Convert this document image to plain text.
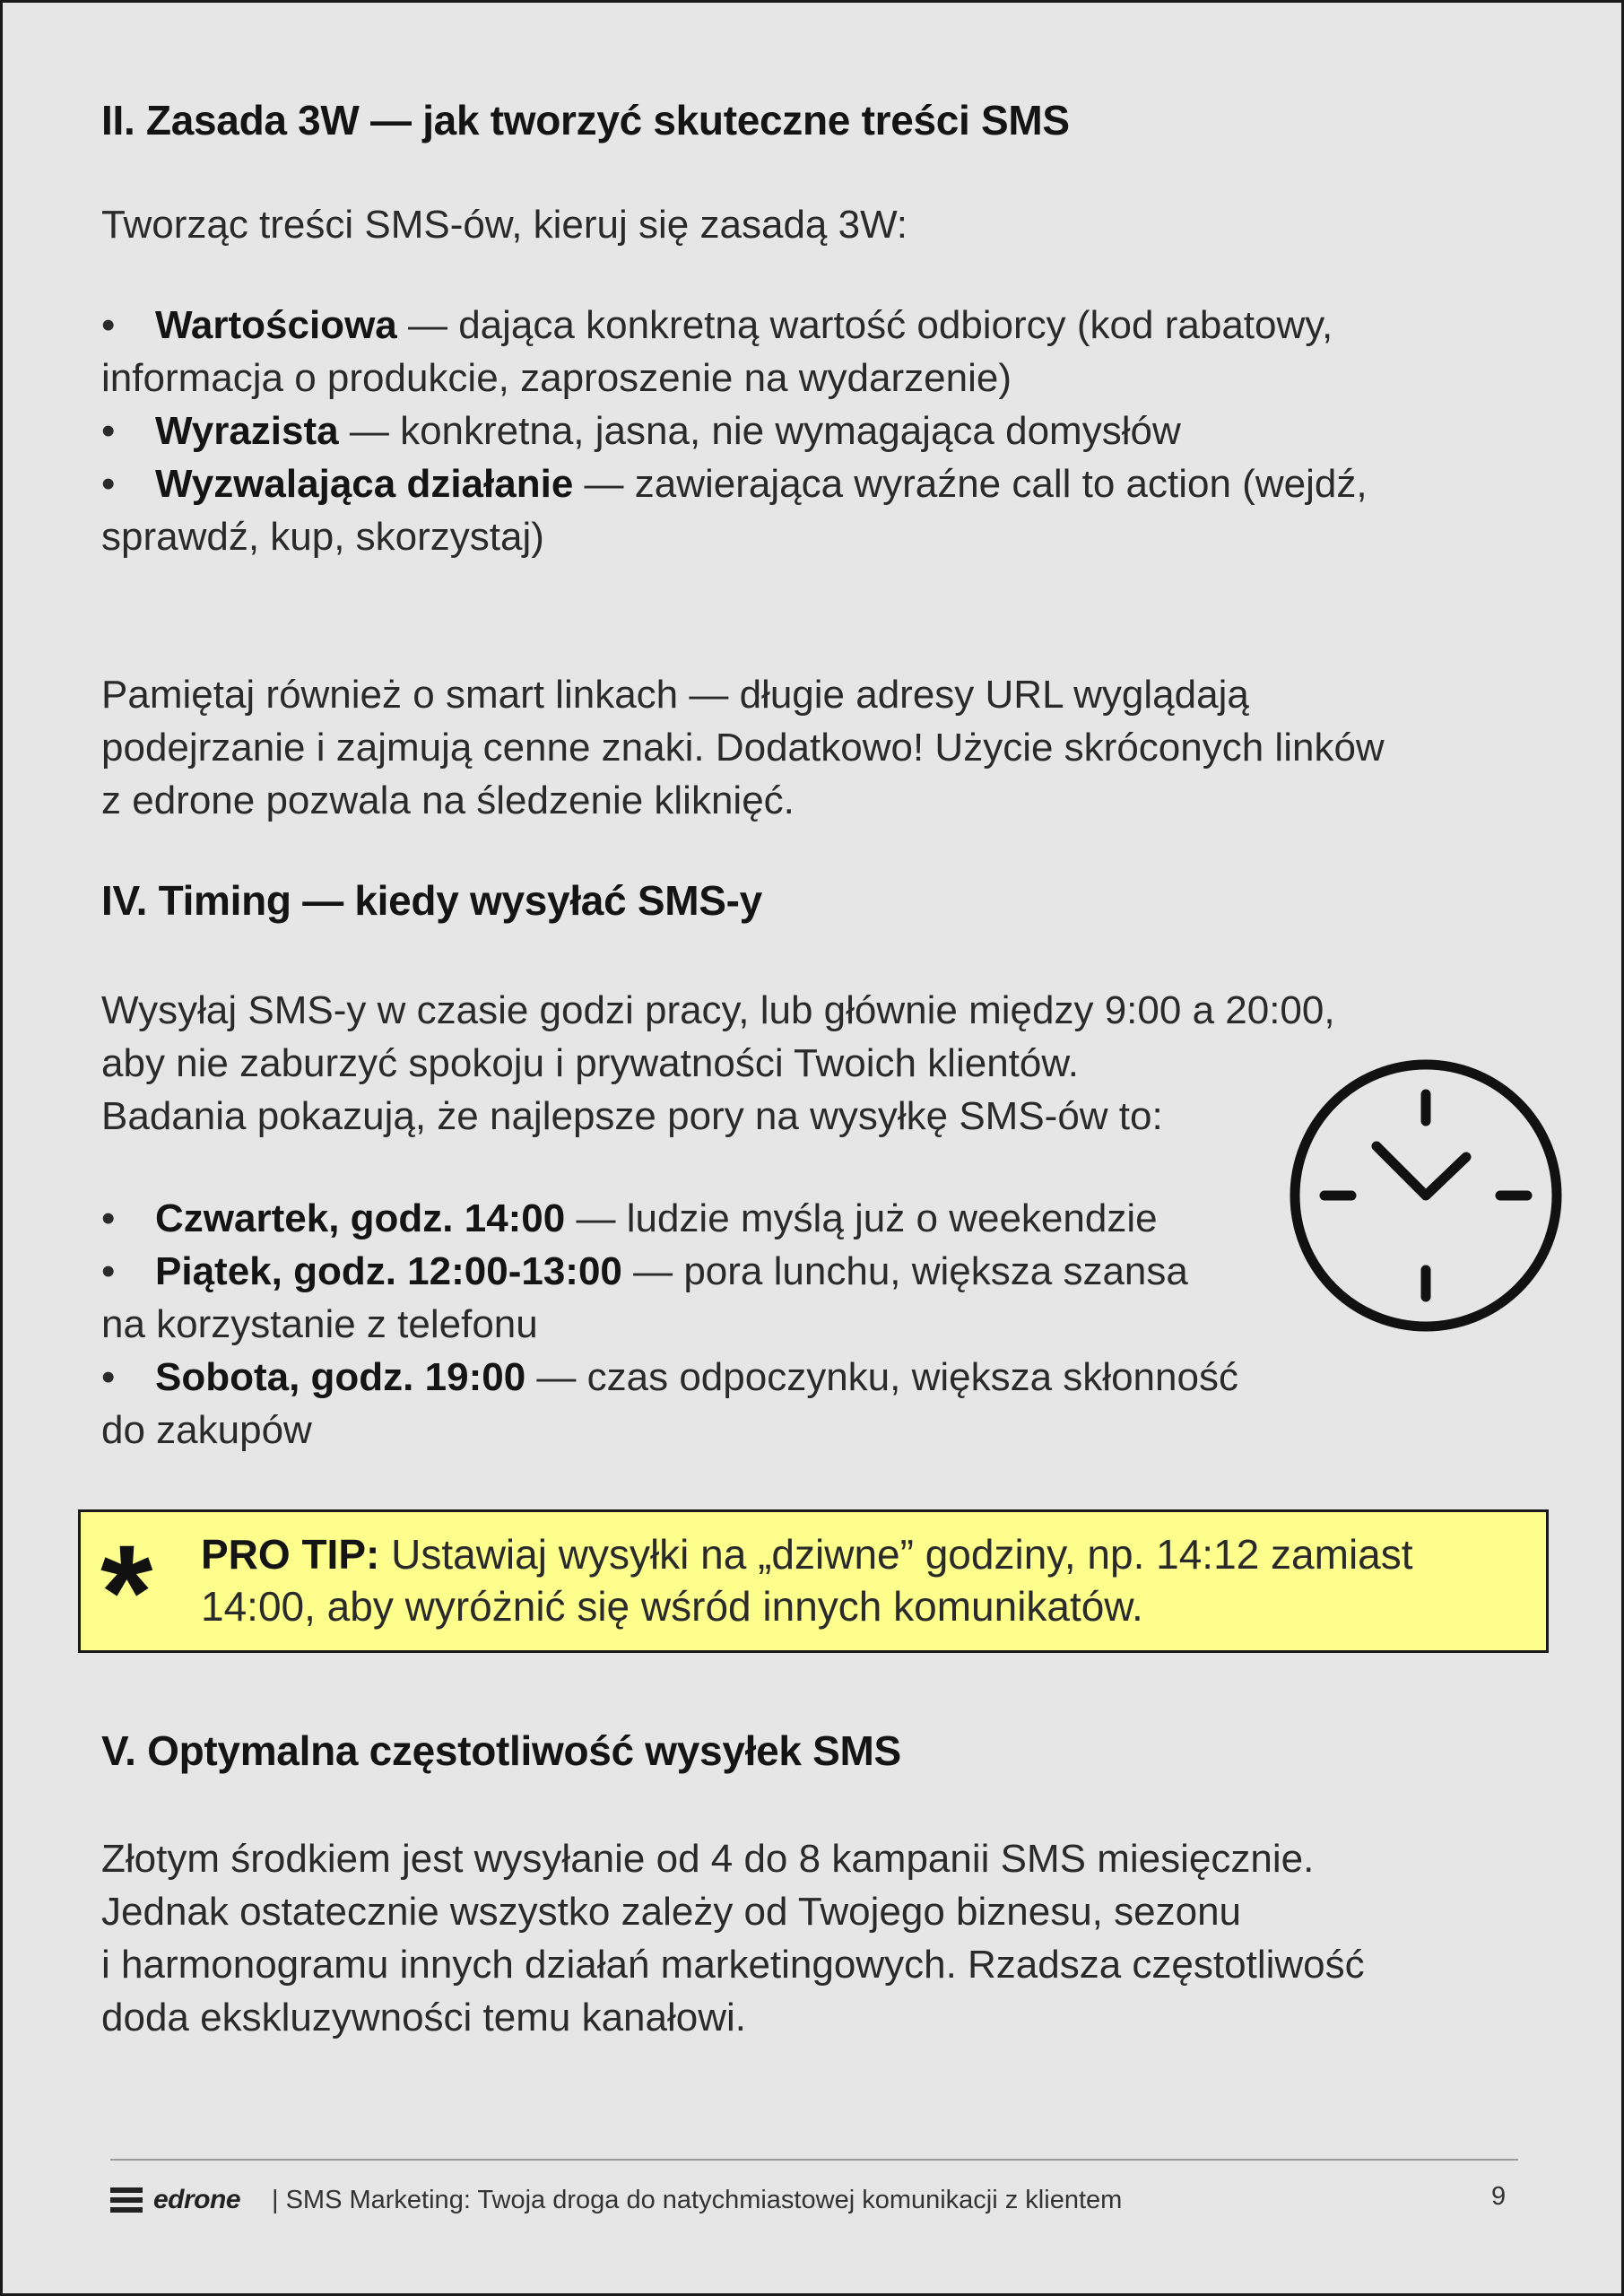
II. Zasada 3W — jak tworzyć skuteczne treści SMS

Tworząc treści SMS-ów, kieruj się zasadą 3W:

• Wartościowa — dająca konkretną wartość odbiorcy (kod rabatowy,
informacja o produkcie, zaproszenie na wydarzenie)
• Wyrazista — konkretna, jasna, nie wymagająca domysłów
• Wyzwalająca działanie — zawierająca wyraźne call to action (wejdź,
sprawdź, kup, skorzystaj)
Pamiętaj również o smart linkach — długie adresy URL wyglądają
podejrzanie i zajmują cenne znaki. Dodatkowo! Użycie skróconych linków
z edrone pozwala na śledzenie kliknięć.
IV. Timing — kiedy wysyłać SMS-y
Wysyłaj SMS-y w czasie godzi pracy, lub głównie między 9:00 a 20:00,
aby nie zaburzyć spokoju i prywatności Twoich klientów.
Badania pokazują, że najlepsze pory na wysyłkę SMS-ów to:
• Czwartek, godz. 14:00 — ludzie myślą już o weekendzie
• Piątek, godz. 12:00-13:00 — pora lunchu, większa szansa
na korzystanie z telefonu
• Sobota, godz. 19:00 — czas odpoczynku, większa skłonność
do zakupów
* PRO TIP: Ustawiaj wysyłki na „dziwne” godziny, np. 14:12 zamiast
14:00, aby wyróżnić się wśród innych komunikatów.
V. Optymalna częstotliwość wysyłek SMS
Złotym środkiem jest wysyłanie od 4 do 8 kampanii SMS miesięcznie.
Jednak ostatecznie wszystko zależy od Twojego biznesu, sezonu
i harmonogramu innych działań marketingowych. Rzadsza częstotliwość
doda ekskluzywności temu kanałowi.
edrone | SMS Marketing: Twoja droga do natychmiastowej komunikacji z klientem	9
